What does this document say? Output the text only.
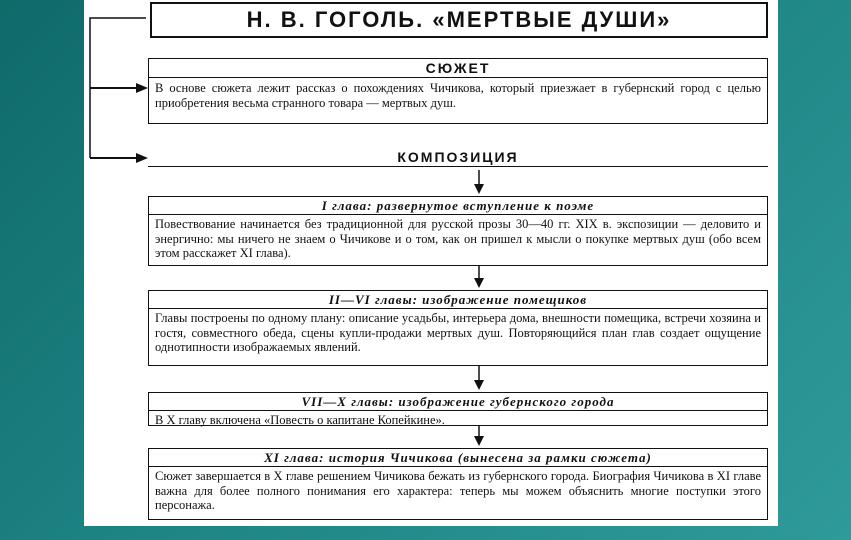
Н. В. ГОГОЛЬ. «МЕРТВЫЕ ДУШИ»
СЮЖЕТ
В основе сюжета лежит рассказ о похождениях Чичикова, который приезжает в губернский город с целью приобретения весьма странного товара — мертвых душ.
КОМПОЗИЦИЯ
I глава: развернутое вступление к поэме
Повествование начинается без традиционной для русской прозы 30—40 гг. XIX в. экспозиции — деловито и энергично: мы ничего не знаем о Чичикове и о том, как он пришел к мысли о покупке мертвых душ (обо всем этом расскажет XI глава).
II—VI главы: изображение помещиков
Главы построены по одному плану: описание усадьбы, интерьера дома, внешности помещика, встречи хозяина и гостя, совместного обеда, сцены купли-продажи мертвых душ. Повторяющийся план глав создает ощущение однотипности изображаемых явлений.
VII—X главы: изображение губернского города
В X главу включена «Повесть о капитане Копейкине».
XI глава: история Чичикова (вынесена за рамки сюжета)
Сюжет завершается в X главе решением Чичикова бежать из губернского города. Биография Чичикова в XI главе важна для более полного понимания его характера: теперь мы можем объяснить многие поступки этого персонажа.
